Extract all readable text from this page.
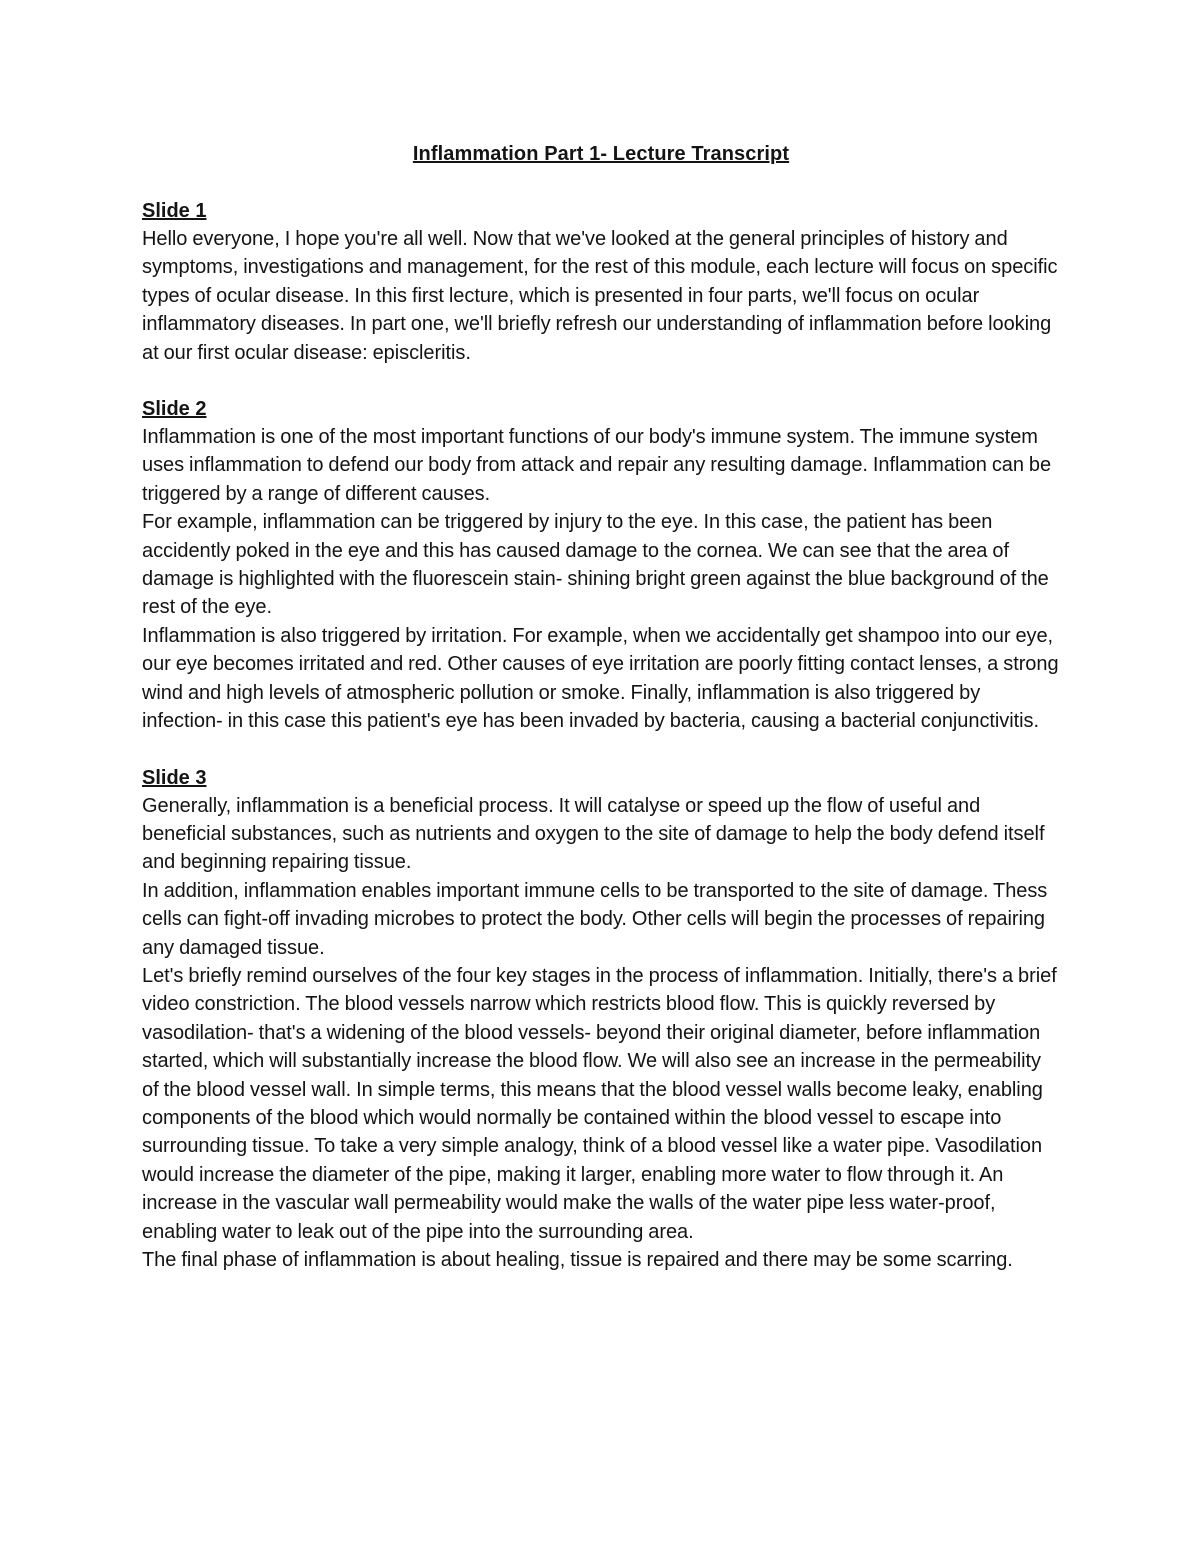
Inflammation Part 1- Lecture Transcript
Slide 1

Hello everyone, I hope you're all well. Now that we've looked at the general principles of history and symptoms, investigations and management, for the rest of this module, each lecture will focus on specific types of ocular disease. In this first lecture, which is presented in four parts, we'll focus on ocular inflammatory diseases. In part one, we'll briefly refresh our understanding of inflammation before looking at our first ocular disease: episcleritis.

Slide 2

Inflammation is one of the most important functions of our body's immune system. The immune system uses inflammation to defend our body from attack and repair any resulting damage. Inflammation can be triggered by a range of different causes.

For example, inflammation can be triggered by injury to the eye. In this case, the patient has been accidently poked in the eye and this has caused damage to the cornea. We can see that the area of damage is highlighted with the fluorescein stain- shining bright green against the blue background of the rest of the eye.

Inflammation is also triggered by irritation. For example, when we accidentally get shampoo into our eye, our eye becomes irritated and red. Other causes of eye irritation are poorly fitting contact lenses, a strong wind and high levels of atmospheric pollution or smoke. Finally, inflammation is also triggered by infection- in this case this patient's eye has been invaded by bacteria, causing a bacterial conjunctivitis.

Slide 3

Generally, inflammation is a beneficial process. It will catalyse or speed up the flow of useful and beneficial substances, such as nutrients and oxygen to the site of damage to help the body defend itself and beginning repairing tissue.

In addition, inflammation enables important immune cells to be transported to the site of damage. Thess cells can fight-off invading microbes to protect the body. Other cells will begin the processes of repairing any damaged tissue.

Let's briefly remind ourselves of the four key stages in the process of inflammation. Initially, there's a brief video constriction. The blood vessels narrow which restricts blood flow. This is quickly reversed by vasodilation- that's a widening of the blood vessels- beyond their original diameter, before inflammation started, which will substantially increase the blood flow. We will also see an increase in the permeability of the blood vessel wall. In simple terms, this means that the blood vessel walls become leaky, enabling components of the blood which would normally be contained within the blood vessel to escape into surrounding tissue. To take a very simple analogy, think of a blood vessel like a water pipe. Vasodilation would increase the diameter of the pipe, making it larger, enabling more water to flow through it. An increase in the vascular wall permeability would make the walls of the water pipe less water-proof, enabling water to leak out of the pipe into the surrounding area.

The final phase of inflammation is about healing, tissue is repaired and there may be some scarring.
